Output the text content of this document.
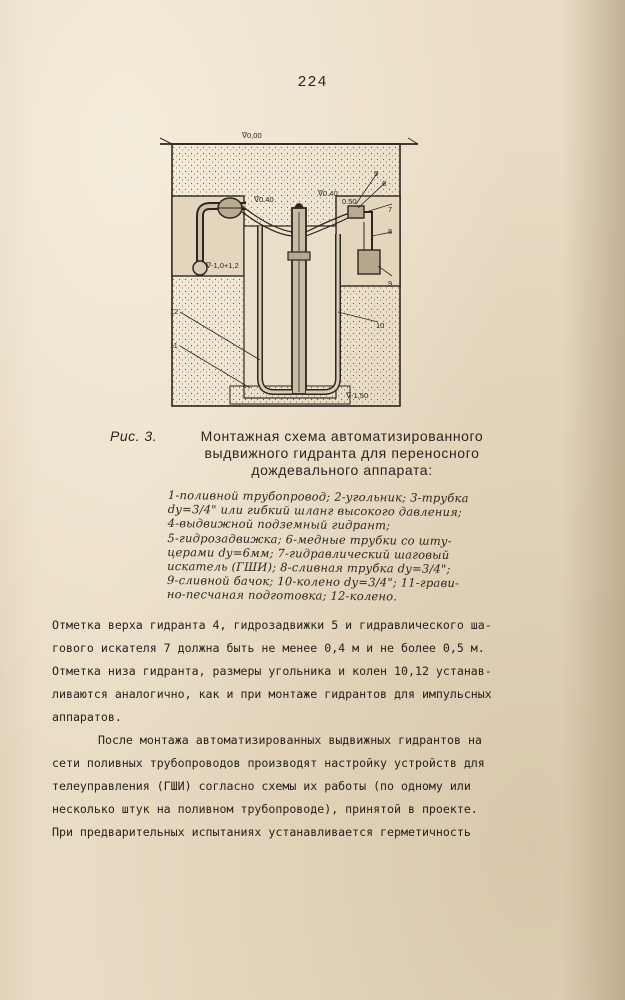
224
∇0,00
∇0.40
∇0.40
0.50
∇-1,0+1,2
∇-1,50
5
6
7
8
9
10
12
11
Рис. 3.	Монтажная схема автоматизированного
выдвижного гидранта для переносного
дождевального аппарата:
1-поливной трубопровод; 2-угольник; 3-трубка
dу=3/4" или гибкий шланг высокого давления;
4-выдвижной подземный гидрант;
5-гидрозадвижка; 6-медные трубки со шту-
церами dу=6мм; 7-гидравлический шаговый
искатель (ГШИ); 8-сливная трубка dу=3/4";
9-сливной бачок; 10-колено dу=3/4"; 11-грави-
но-песчаная подготовка; 12-колено.
Отметка верха гидранта 4, гидрозадвижки 5 и гидравлического ша-
гового искателя 7 должна быть не менее 0,4 м и не более 0,5 м.
Отметка низа гидранта, размеры угольника и колен 10,12 устанав-
ливаются аналогично, как и при монтаже гидрантов для импульсных
аппаратов.
После монтажа автоматизированных выдвижных гидрантов на
сети поливных трубопроводов производят настройку устройств для
телеуправления (ГШИ) согласно схемы их работы (по одному или
несколько штук на поливном трубопроводе), принятой в проекте.
При предварительных испытаниях устанавливается герметичность
